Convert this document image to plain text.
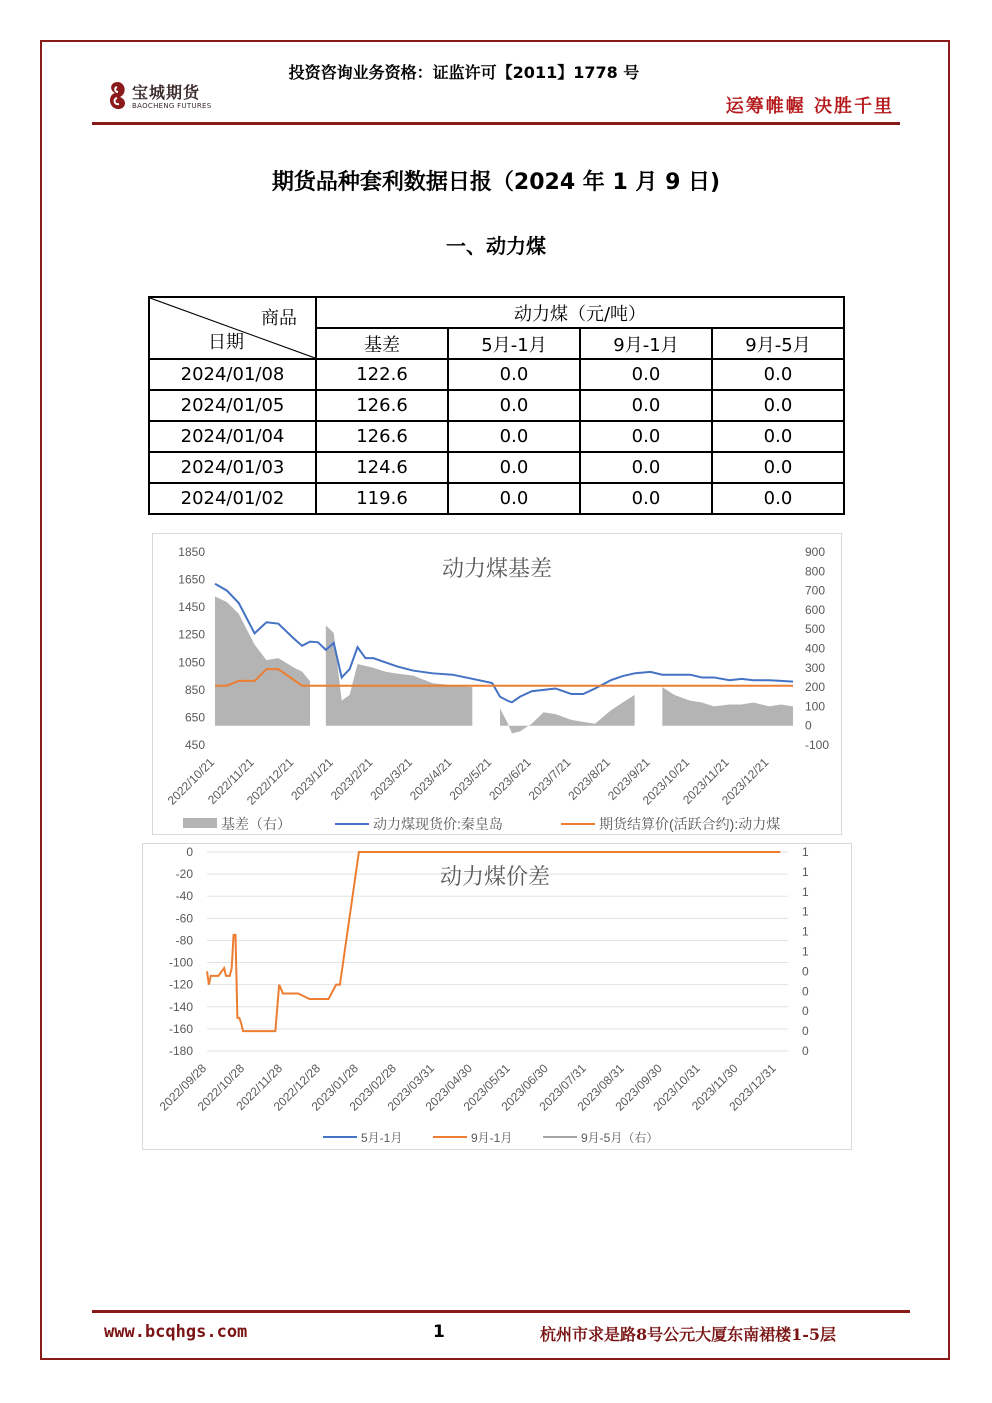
投资咨询业务资格：证监许可【2011】1778 号
宝城期货
BAOCHENG FUTURES	运筹帷幄 决胜千里
期货品种套利数据日报（2024 年 1 月 9 日)
一、动力煤
商品
日期	动力煤（元/吨）			
	基差	5月-1月	9月-1月	9月-5月
2024/01/08	122.6	0.0	0.0	0.0
2024/01/05	126.6	0.0	0.0	0.0
2024/01/04	126.6	0.0	0.0	0.0
2024/01/03	124.6	0.0	0.0	0.0
2024/01/02	119.6	0.0	0.0	0.0
1850
1650
1450
1250
1050
850
650
450
900
800
700
600
500
400
300
200
100
0
-100
2022/10/21
2022/11/21
2022/12/21
2023/1/21
2023/2/21
2023/3/21
2023/4/21
2023/5/21
2023/6/21
2023/7/21
2023/8/21
2023/9/21
2023/10/21
2023/11/21
2023/12/21
动力煤基差
基差（右）	动力煤现货价:秦皇岛	期货结算价(活跃合约):动力煤
0
-20
-40
-60
-80
-100
-120
-140
-160
-180
1
1
1
1
1
1
0
0
0
0
0
2022/09/28
2022/10/28
2022/11/28
2022/12/28
2023/01/28
2023/02/28
2023/03/31
2023/04/30
2023/05/31
2023/06/30
2023/07/31
2023/08/31
2023/09/30
2023/10/31
2023/11/30
2023/12/31
动力煤价差
5月-1月	9月-1月	9月-5月（右）
www.bcqhgs.com	1	杭州市求是路8号公元大厦东南裙楼1-5层
